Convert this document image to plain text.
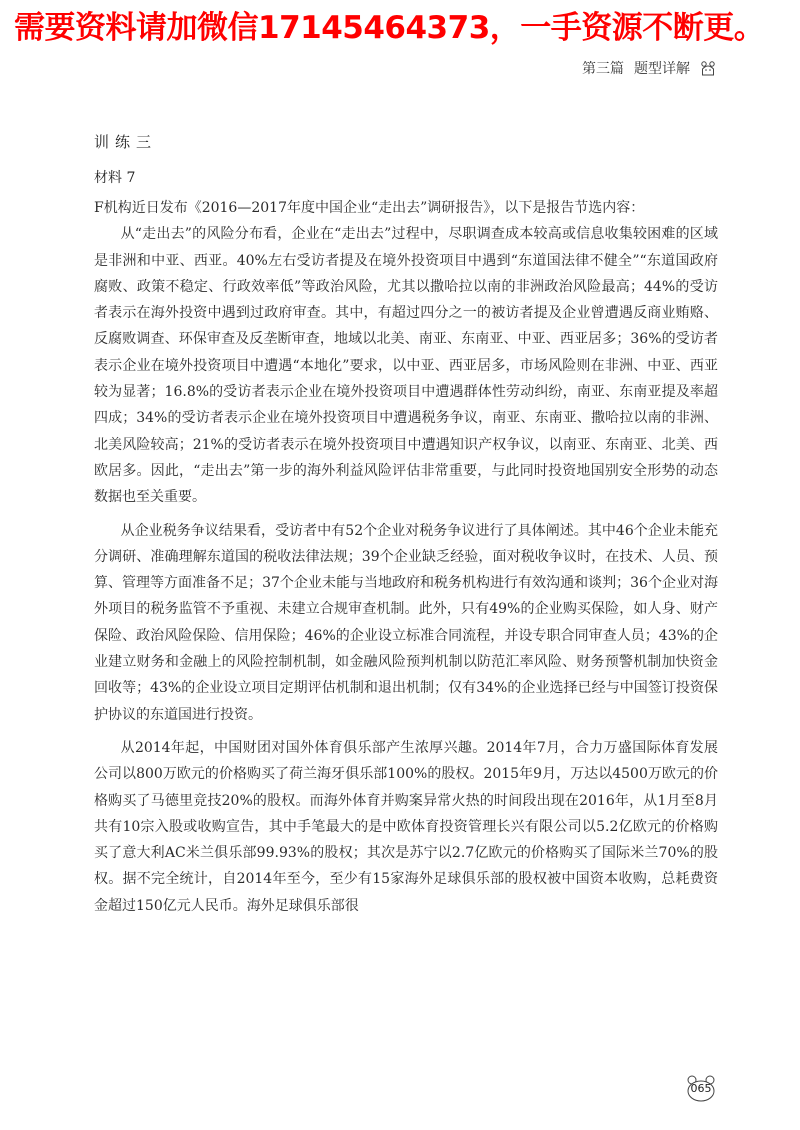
需要资料请加微信17145464373，一手资源不断更。
第三篇 题型详解
训练三
材料 7

F机构近日发布《2016—2017年度中国企业“走出去”调研报告》，以下是报告节选内容：

从“走出去”的风险分布看，企业在“走出去”过程中，尽职调查成本较高或信息收集较困难的区域是非洲和中亚、西亚。40%左右受访者提及在境外投资项目中遇到“东道国法律不健全”“东道国政府腐败、政策不稳定、行政效率低”等政治风险，尤其以撒哈拉以南的非洲政治风险最高；44%的受访者表示在海外投资中遇到过政府审查。其中，有超过四分之一的被访者提及企业曾遭遇反商业贿赂、反腐败调查、环保审查及反垄断审查，地域以北美、南亚、东南亚、中亚、西亚居多；36%的受访者表示企业在境外投资项目中遭遇“本地化”要求，以中亚、西亚居多，市场风险则在非洲、中亚、西亚较为显著；16.8%的受访者表示企业在境外投资项目中遭遇群体性劳动纠纷，南亚、东南亚提及率超四成；34%的受访者表示企业在境外投资项目中遭遇税务争议，南亚、东南亚、撒哈拉以南的非洲、北美风险较高；21%的受访者表示在境外投资项目中遭遇知识产权争议，以南亚、东南亚、北美、西欧居多。因此，“走出去”第一步的海外利益风险评估非常重要，与此同时投资地国别安全形势的动态数据也至关重要。

从企业税务争议结果看，受访者中有52个企业对税务争议进行了具体阐述。其中46个企业未能充分调研、准确理解东道国的税收法律法规；39个企业缺乏经验，面对税收争议时，在技术、人员、预算、管理等方面准备不足；37个企业未能与当地政府和税务机构进行有效沟通和谈判；36个企业对海外项目的税务监管不予重视、未建立合规审查机制。此外，只有49%的企业购买保险，如人身、财产保险、政治风险保险、信用保险；46%的企业设立标准合同流程，并设专职合同审查人员；43%的企业建立财务和金融上的风险控制机制，如金融风险预判机制以防范汇率风险、财务预警机制加快资金回收等；43%的企业设立项目定期评估机制和退出机制；仅有34%的企业选择已经与中国签订投资保护协议的东道国进行投资。

从2014年起，中国财团对国外体育俱乐部产生浓厚兴趣。2014年7月，合力万盛国际体育发展公司以800万欧元的价格购买了荷兰海牙俱乐部100%的股权。2015年9月，万达以4500万欧元的价格购买了马德里竞技20%的股权。而海外体育并购案异常火热的时间段出现在2016年，从1月至8月共有10宗入股或收购宣告，其中手笔最大的是中欧体育投资管理长兴有限公司以5.2亿欧元的价格购买了意大利AC米兰俱乐部99.93%的股权；其次是苏宁以2.7亿欧元的价格购买了国际米兰70%的股权。据不完全统计，自2014年至今，至少有15家海外足球俱乐部的股权被中国资本收购，总耗费资金超过150亿元人民币。海外足球俱乐部很

065
